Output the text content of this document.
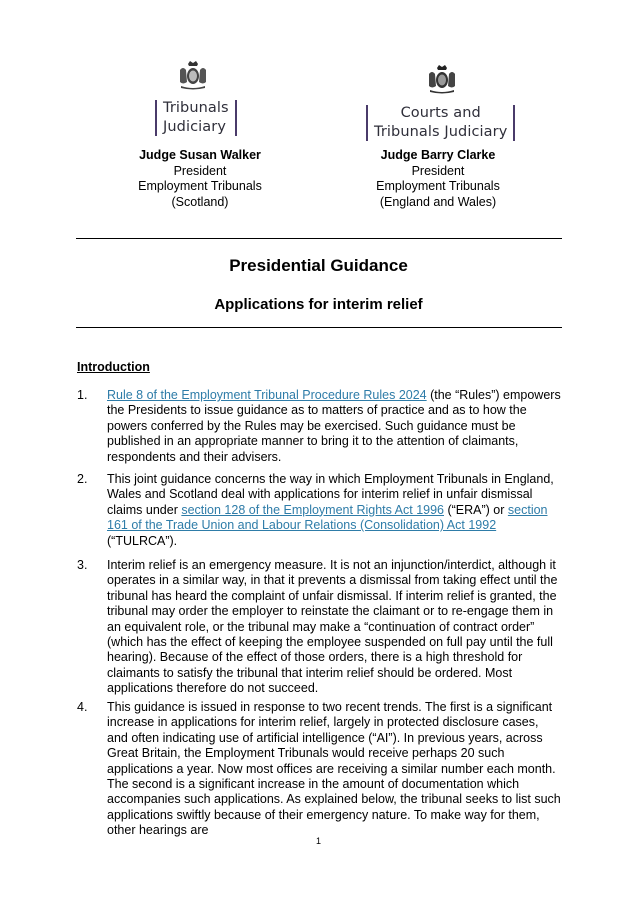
Tribunals
Judiciary
Courts and
Tribunals Judiciary
Judge Susan Walker
President
Employment Tribunals
(Scotland)
Judge Barry Clarke
President
Employment Tribunals
(England and Wales)
Presidential Guidance
Applications for interim relief
Introduction
1. Rule 8 of the Employment Tribunal Procedure Rules 2024 (the “Rules”) empowers the Presidents to issue guidance as to matters of practice and as to how the powers conferred by the Rules may be exercised. Such guidance must be published in an appropriate manner to bring it to the attention of claimants, respondents and their advisers.
2. This joint guidance concerns the way in which Employment Tribunals in England, Wales and Scotland deal with applications for interim relief in unfair dismissal claims under section 128 of the Employment Rights Act 1996 (“ERA”) or section 161 of the Trade Union and Labour Relations (Consolidation) Act 1992 (“TULRCA”).
3. Interim relief is an emergency measure. It is not an injunction/interdict, although it operates in a similar way, in that it prevents a dismissal from taking effect until the tribunal has heard the complaint of unfair dismissal. If interim relief is granted, the tribunal may order the employer to reinstate the claimant or to re-engage them in an equivalent role, or the tribunal may make a “continuation of contract order” (which has the effect of keeping the employee suspended on full pay until the full hearing). Because of the effect of those orders, there is a high threshold for claimants to satisfy the tribunal that interim relief should be ordered. Most applications therefore do not succeed.
4. This guidance is issued in response to two recent trends. The first is a significant increase in applications for interim relief, largely in protected disclosure cases, and often indicating use of artificial intelligence (“AI”). In previous years, across Great Britain, the Employment Tribunals would receive perhaps 20 such applications a year. Now most offices are receiving a similar number each month. The second is a significant increase in the amount of documentation which accompanies such applications. As explained below, the tribunal seeks to list such applications swiftly because of their emergency nature. To make way for them, other hearings are
1
